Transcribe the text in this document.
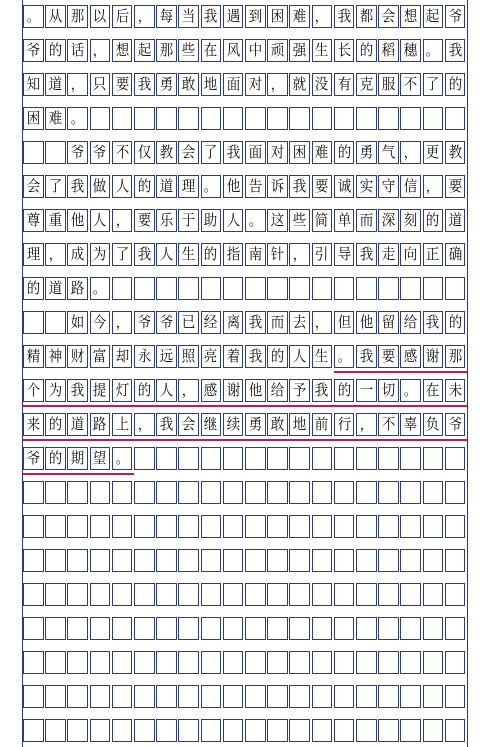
。 从 那 以 后 ， 每 当 我 遇 到 困 难 ， 我 都 会 想 起 爷
爷 的 话 ， 想 起 那 些 在 风 中 顽 强 生 长 的 稻 穗 。 我
知 道 ， 只 要 我 勇 敢 地 面 对 ， 就 没 有 克 服 不 了 的
困 难 。
爷 爷 不 仅 教 会 了 我 面 对 困 难 的 勇 气 ， 更 教
会 了 我 做 人 的 道 理 。 他 告 诉 我 要 诚 实 守 信 ， 要
尊 重 他 人 ， 要 乐 于 助 人 。 这 些 简 单 而 深 刻 的 道
理 ， 成 为 了 我 人 生 的 指 南 针 ， 引 导 我 走 向 正 确
的 道 路 。
如 今 ， 爷 爷 已 经 离 我 而 去 ， 但 他 留 给 我 的
精 神 财 富 却 永 远 照 亮 着 我 的 人 生 。 我 要 感 谢 那
个 为 我 提 灯 的 人 ， 感 谢 他 给 予 我 的 一 切 。 在 未
来 的 道 路 上 ， 我 会 继 续 勇 敢 地 前 行 ， 不 辜 负 爷
爷 的 期 望 。
